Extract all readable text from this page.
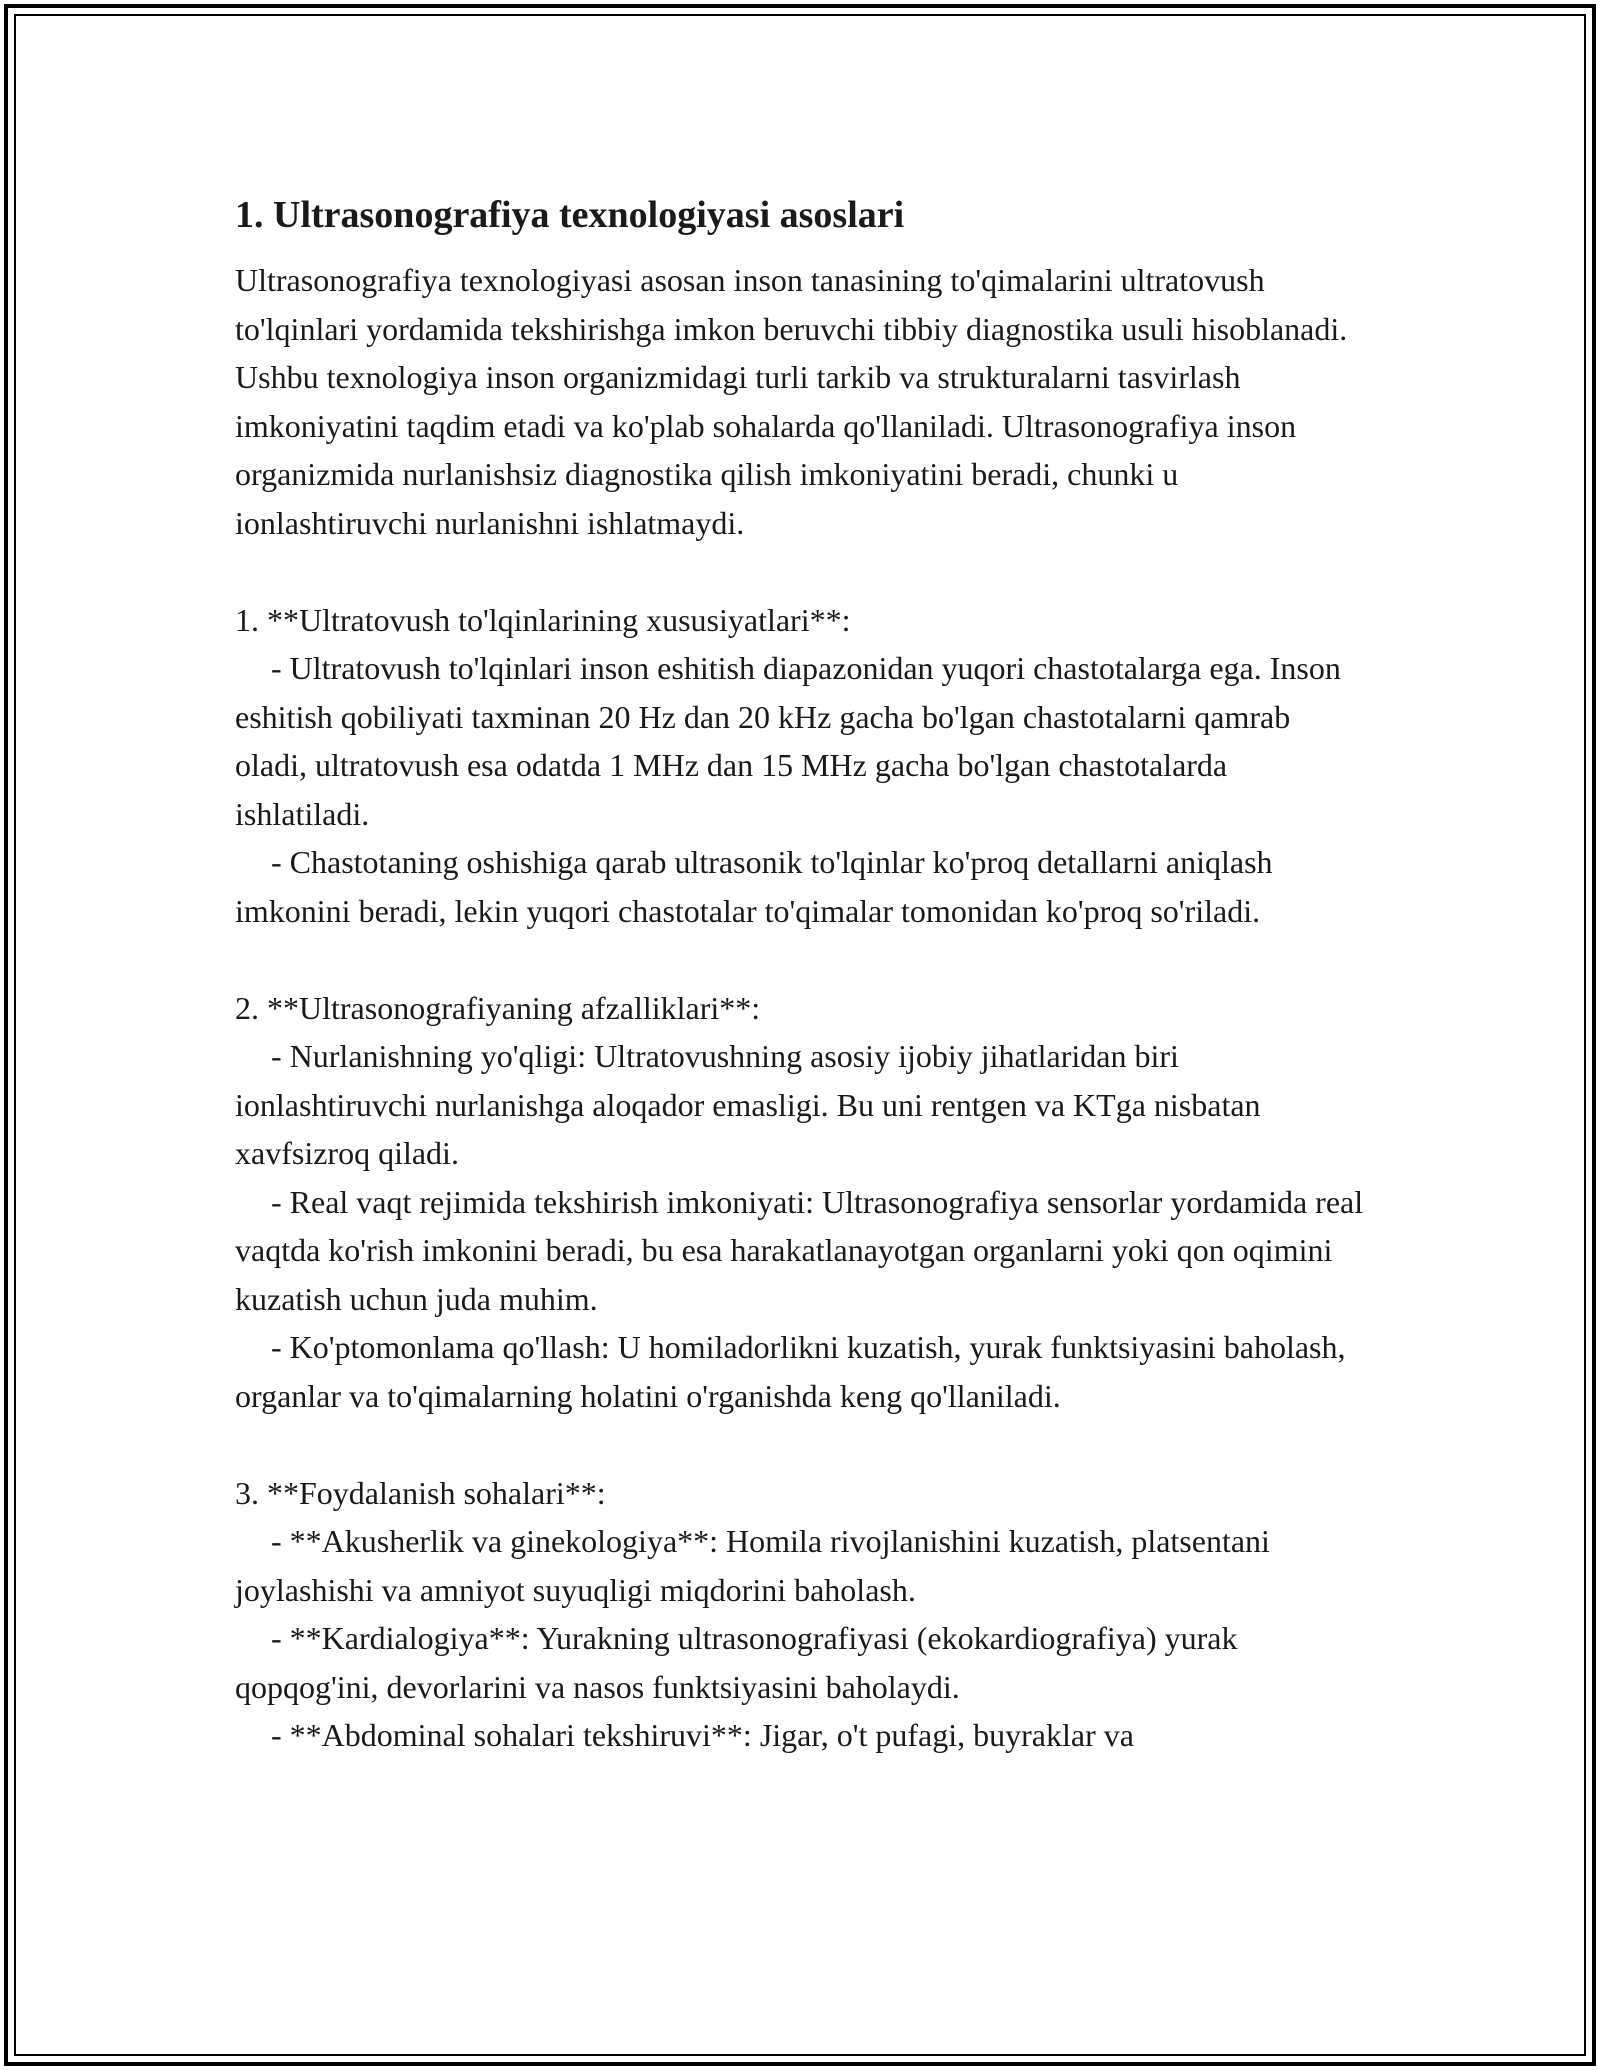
1. Ultrasonografiya texnologiyasi asoslari

Ultrasonografiya texnologiyasi asosan inson tanasining to'qimalarini ultratovush to'lqinlari yordamida tekshirishga imkon beruvchi tibbiy diagnostika usuli hisoblanadi. Ushbu texnologiya inson organizmidagi turli tarkib va strukturalarni tasvirlash imkoniyatini taqdim etadi va ko'plab sohalarda qo'llaniladi. Ultrasonografiya inson organizmida nurlanishsiz diagnostika qilish imkoniyatini beradi, chunki u ionlashtiruvchi nurlanishni ishlatmaydi.

1. **Ultratovush to'lqinlarining xususiyatlari**:

- Ultratovush to'lqinlari inson eshitish diapazonidan yuqori chastotalarga ega. Inson eshitish qobiliyati taxminan 20 Hz dan 20 kHz gacha bo'lgan chastotalarni qamrab oladi, ultratovush esa odatda 1 MHz dan 15 MHz gacha bo'lgan chastotalarda ishlatiladi.

- Chastotaning oshishiga qarab ultrasonik to'lqinlar ko'proq detallarni aniqlash imkonini beradi, lekin yuqori chastotalar to'qimalar tomonidan ko'proq so'riladi.

2. **Ultrasonografiyaning afzalliklari**:

- Nurlanishning yo'qligi: Ultratovushning asosiy ijobiy jihatlaridan biri ionlashtiruvchi nurlanishga aloqador emasligi. Bu uni rentgen va KTga nisbatan xavfsizroq qiladi.

- Real vaqt rejimida tekshirish imkoniyati: Ultrasonografiya sensorlar yordamida real vaqtda ko'rish imkonini beradi, bu esa harakatlanayotgan organlarni yoki qon oqimini kuzatish uchun juda muhim.

- Ko'ptomonlama qo'llash: U homiladorlikni kuzatish, yurak funktsiyasini baholash, organlar va to'qimalarning holatini o'rganishda keng qo'llaniladi.

3. **Foydalanish sohalari**:

- **Akusherlik va ginekologiya**: Homila rivojlanishini kuzatish, platsentani joylashishi va amniyot suyuqligi miqdorini baholash.

- **Kardialogiya**: Yurakning ultrasonografiyasi (ekokardiografiya) yurak qopqog'ini, devorlarini va nasos funktsiyasini baholaydi.

- **Abdominal sohalari tekshiruvi**: Jigar, o't pufagi, buyraklar va
